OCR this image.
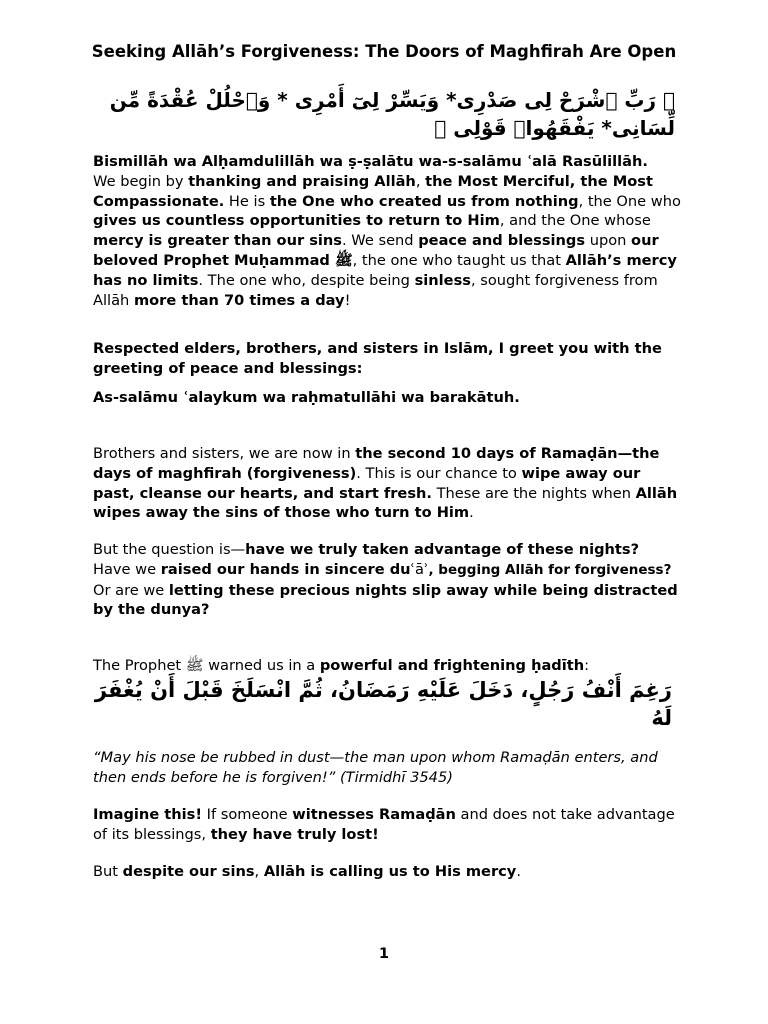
Seeking Allāh’s Forgiveness: The Doors of Maghfirah Are Open
﴿ رَبِّ ٱشْرَحْ لِى صَدْرِى* وَيَسِّرْ لِىٓ أَمْرِى * وَٱحْلُلْ عُقْدَةً مِّن لِّسَانِى* يَفْقَهُوا۟ قَوْلِى ﴾
Bismillāh wa Alḥamdulillāh wa ṣ-ṣalātu wa-s-salāmu ʿalā Rasūlillāh.
We begin by thanking and praising Allāh, the Most Merciful, the Most Compassionate. He is the One who created us from nothing, the One who gives us countless opportunities to return to Him, and the One whose mercy is greater than our sins. We send peace and blessings upon our beloved Prophet Muḥammad ﷺ, the one who taught us that Allāh’s mercy has no limits. The one who, despite being sinless, sought forgiveness from Allāh more than 70 times a day!
Respected elders, brothers, and sisters in Islām, I greet you with the greeting of peace and blessings:
As-salāmu ʿalaykum wa raḥmatullāhi wa barakātuh.
Brothers and sisters, we are now in the second 10 days of Ramaḍān—the days of maghfirah (forgiveness). This is our chance to wipe away our past, cleanse our hearts, and start fresh. These are the nights when Allāh wipes away the sins of those who turn to Him.
But the question is—have we truly taken advantage of these nights?
Have we raised our hands in sincere duʿāʾ, begging Allāh for forgiveness?
Or are we letting these precious nights slip away while being distracted by the dunya?
The Prophet ﷺ warned us in a powerful and frightening ḥadīth:
رَغِمَ أَنْفُ رَجُلٍ، دَخَلَ عَلَيْهِ رَمَضَانُ، ثُمَّ انْسَلَخَ قَبْلَ أَنْ يُغْفَرَ لَهُ
“May his nose be rubbed in dust—the man upon whom Ramaḍān enters, and then ends before he is forgiven!” (Tirmidhī 3545)
Imagine this! If someone witnesses Ramaḍān and does not take advantage of its blessings, they have truly lost!
But despite our sins, Allāh is calling us to His mercy.
1
